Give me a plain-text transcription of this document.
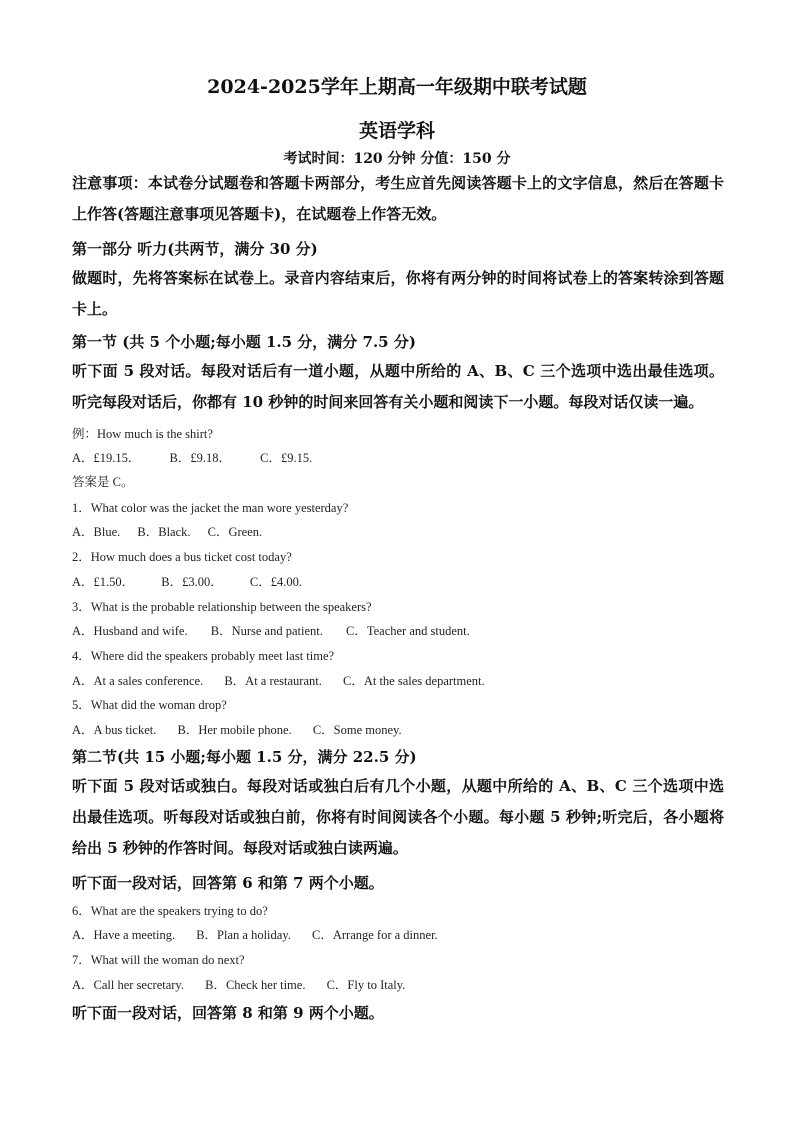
2024-2025学年上期高一年级期中联考试题
英语学科
考试时间：120 分钟 分值：150 分
注意事项：本试卷分试题卷和答题卡两部分，考生应首先阅读答题卡上的文字信息，然后在答题卡上作答(答题注意事项见答题卡)，在试题卷上作答无效。
第一部分 听力(共两节，满分 30 分)
做题时，先将答案标在试卷上。录音内容结束后，你将有两分钟的时间将试卷上的答案转涂到答题卡上。
第一节 (共 5 个小题;每小题 1.5 分，满分 7.5 分)
听下面 5 段对话。每段对话后有一道小题，从题中所给的 A、B、C 三个选项中选出最佳选项。听完每段对话后，你都有 10 秒钟的时间来回答有关小题和阅读下一小题。每段对话仅读一遍。
例：How much is the shirt?
A．£19.15． B．£9.18． C．£9.15.
答案是 C。
1．What color was the jacket the man wore yesterday?
A．Blue. B．Black. C．Green.
2．How much does a bus ticket cost today?
A．£1.50． B．£3.00． C．£4.00.
3．What is the probable relationship between the speakers?
A．Husband and wife. B．Nurse and patient. C．Teacher and student.
4．Where did the speakers probably meet last time?
A．At a sales conference. B．At a restaurant. C．At the sales department.
5．What did the woman drop?
A．A bus ticket. B．Her mobile phone. C．Some money.
第二节(共 15 小题;每小题 1.5 分，满分 22.5 分)
听下面 5 段对话或独白。每段对话或独白后有几个小题，从题中所给的 A、B、C 三个选项中选出最佳选项。听每段对话或独白前，你将有时间阅读各个小题。每小题 5 秒钟;听完后，各小题将给出 5 秒钟的作答时间。每段对话或独白读两遍。
听下面一段对话，回答第 6 和第 7 两个小题。
6．What are the speakers trying to do?
A．Have a meeting. B．Plan a holiday. C．Arrange for a dinner.
7．What will the woman do next?
A．Call her secretary. B．Check her time. C．Fly to Italy.
听下面一段对话，回答第 8 和第 9 两个小题。
